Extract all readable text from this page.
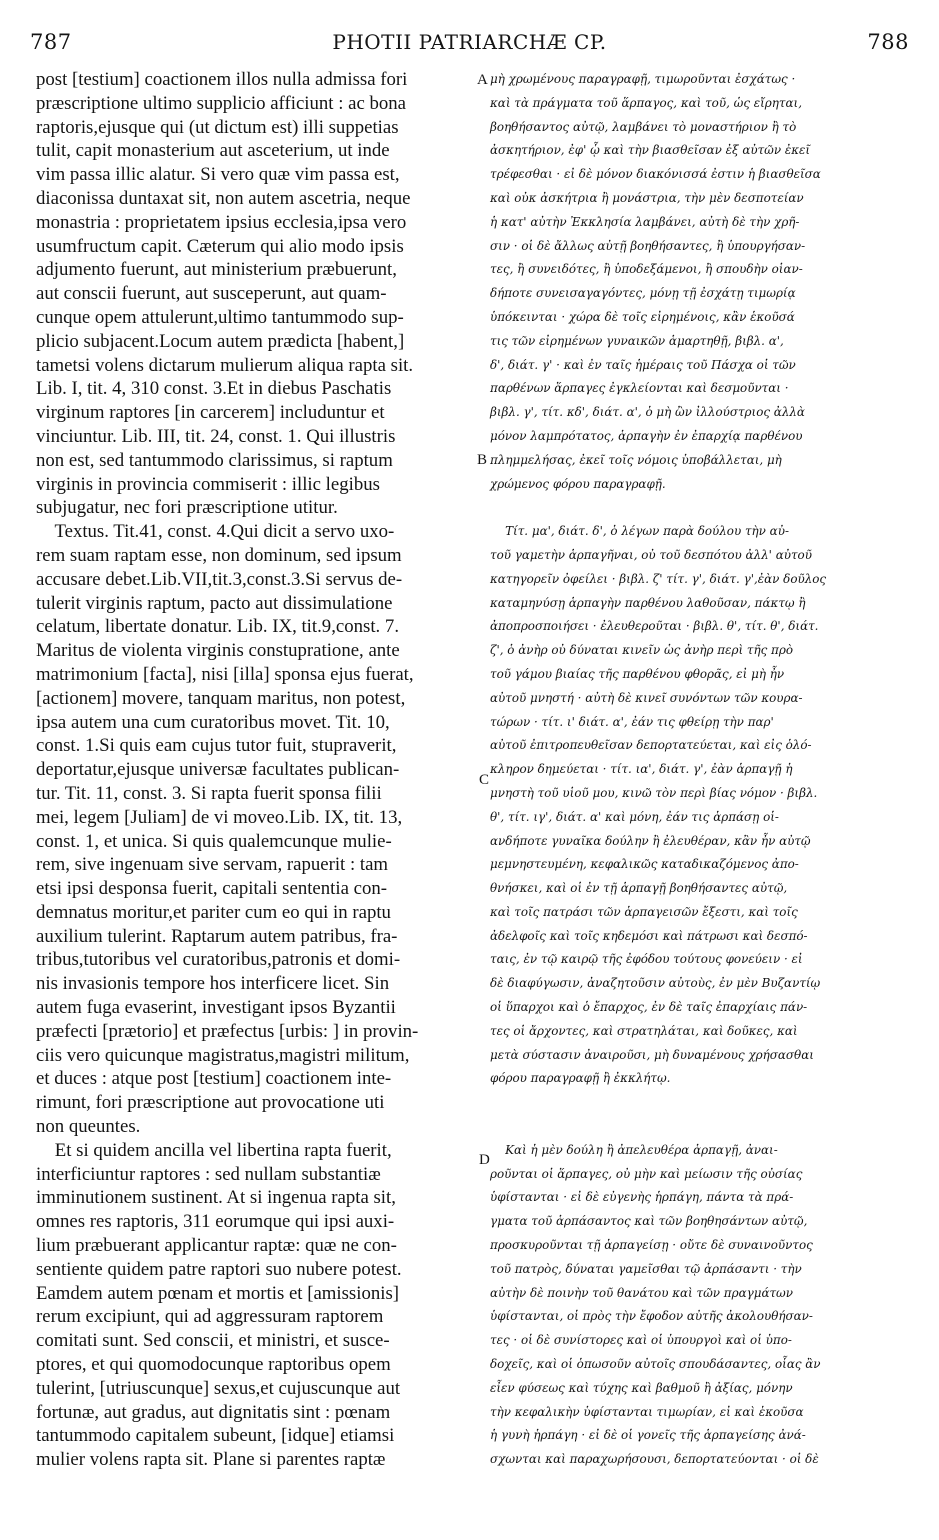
787	PHOTII PATRIARCHÆ CP.	788
post [testium] coactionem illos nulla admissa fori
præscriptione ultimo supplicio afficiunt : ac bona
raptoris,ejusque qui (ut dictum est) illi suppetias
tulit, capit monasterium aut asceterium, ut inde
vim passa illic alatur. Si vero quæ vim passa est,
diaconissa duntaxat sit, non autem ascetria, neque
monastria : proprietatem ipsius ecclesia,ipsa vero
usumfructum capit. Cæterum qui alio modo ipsis
adjumento fuerunt, aut ministerium præbuerunt,
aut conscii fuerunt, aut susceperunt, aut quam-
cunque opem attulerunt,ultimo tantummodo sup-
plicio subjacent.Locum autem prædicta [habent,]
tametsi volens dictarum mulierum aliqua rapta sit.
Lib. I, tit. 4, 310 const. 3.Et in diebus Paschatis
virginum raptores [in carcerem] includuntur et
vinciuntur. Lib. III, tit. 24, const. 1. Qui illustris
non est, sed tantummodo clarissimus, si raptum
virginis in provincia commiserit : illic legibus
subjugatur, nec fori præscriptione utitur.
Textus. Tit.41, const. 4.Qui dicit a servo uxo-
rem suam raptam esse, non dominum, sed ipsum
accusare debet.Lib.VII,tit.3,const.3.Si servus de-
tulerit virginis raptum, pacto aut dissimulatione
celatum, libertate donatur. Lib. IX, tit.9,const. 7.
Maritus de violenta virginis constupratione, ante
matrimonium [facta], nisi [illa] sponsa ejus fuerat,
[actionem] movere, tanquam maritus, non potest,
ipsa autem una cum curatoribus movet. Tit. 10,
const. 1.Si quis eam cujus tutor fuit, stupraverit,
deportatur,ejusque universæ facultates publican-
tur. Tit. 11, const. 3. Si rapta fuerit sponsa filii
mei, legem [Juliam] de vi moveo.Lib. IX, tit. 13,
const. 1, et unica. Si quis qualemcunque mulie-
rem, sive ingenuam sive servam, rapuerit : tam
etsi ipsi desponsa fuerit, capitali sententia con-
demnatus moritur,et pariter cum eo qui in raptu
auxilium tulerint. Raptarum autem patribus, fra-
tribus,tutoribus vel curatoribus,patronis et domi-
nis invasionis tempore hos interficere licet. Sin
autem fuga evaserint, investigant ipsos Byzantii
præfecti [prætorio] et præfectus [urbis: ] in provin-
ciis vero quicunque magistratus,magistri militum,
et duces : atque post [testium] coactionem inte-
rimunt, fori præscriptione aut provocatione uti
non queuntes.
Et si quidem ancilla vel libertina rapta fuerit,
interficiuntur raptores : sed nullam substantiæ
imminutionem sustinent. At si ingenua rapta sit,
omnes res raptoris, 311 eorumque qui ipsi auxi-
lium præbuerant applicantur raptæ: quæ ne con-
sentiente quidem patre raptori suo nubere potest.
Eamdem autem pœnam et mortis et [amissionis]
rerum excipiunt, qui ad aggressuram raptorem
comitati sunt. Sed conscii, et ministri, et susce-
ptores, et qui quomodocunque raptoribus opem
tulerint, [utriuscunque] sexus,et cujuscunque aut
fortunæ, aut gradus, aut dignitatis sint : pœnam
tantummodo capitalem subeunt, [idque] etiamsi
mulier volens rapta sit. Plane si parentes raptæ
μὴ χρωμένους παραγραφῇ, τιμωροῦνται ἐσχάτως ·
καὶ τὰ πράγματα τοῦ ἅρπαγος, καὶ τοῦ, ὡς εἴρηται,
βοηθήσαντος αὐτῷ, λαμβάνει τὸ μοναστήριον ἢ τὸ
ἀσκητήριον, ἐφ' ᾧ καὶ τὴν βιασθεῖσαν ἐξ αὐτῶν ἐκεῖ
τρέφεσθαι · εἰ δὲ μόνον διακόνισσά ἐστιν ἡ βιασθεῖσα
καὶ οὐκ ἀσκήτρια ἢ μονάστρια, τὴν μὲν δεσποτείαν
ἡ κατ' αὐτὴν Ἐκκλησία λαμβάνει, αὐτὴ δὲ τὴν χρῆ-
σιν · οἱ δὲ ἄλλως αὐτῇ βοηθήσαντες, ἢ ὑπουργήσαν-
τες, ἢ συνειδότες, ἢ ὑποδεξάμενοι, ἢ σπουδὴν οἱαν-
δήποτε συνεισαγαγόντες, μόνῃ τῇ ἐσχάτῃ τιμωρίᾳ
ὑπόκεινται · χώρα δὲ τοῖς εἰρημένοις, κἂν ἑκοῦσά
τις τῶν εἰρημένων γυναικῶν ἁμαρτηθῇ, βιβλ. α',
δ', διάτ. γ' · καὶ ἐν ταῖς ἡμέραις τοῦ Πάσχα οἱ τῶν
παρθένων ἅρπαγες ἐγκλείονται καὶ δεσμοῦνται ·
βιβλ. γ', τίτ. κδ', διάτ. α', ὁ μὴ ὢν ἰλλούστριος ἀλλὰ
μόνον λαμπρότατος, ἁρπαγὴν ἐν ἐπαρχίᾳ παρθένου
πλημμελήσας, ἐκεῖ τοῖς νόμοις ὑποβάλλεται, μὴ
χρώμενος φόρου παραγραφῇ.

Τίτ. μα', διάτ. δ', ὁ λέγων παρὰ δούλου τὴν αὐ-
τοῦ γαμετὴν ἁρπαγῆναι, οὐ τοῦ δεσπότου ἀλλ' αὐτοῦ
κατηγορεῖν ὀφείλει · βιβλ. ζ' τίτ. γ', διάτ. γ',ἐὰν δοῦλος
καταμηνύσῃ ἁρπαγὴν παρθένου λαθοῦσαν, πάκτῳ ἢ
ἀποπροσποιήσει · ἐλευθεροῦται · βιβλ. θ', τίτ. θ', διάτ.
ζ', ὁ ἀνὴρ οὐ δύναται κινεῖν ὡς ἀνὴρ περὶ τῆς πρὸ
τοῦ γάμου βιαίας τῆς παρθένου φθορᾶς, εἰ μὴ ἦν
αὐτοῦ μνηστή · αὐτὴ δὲ κινεῖ συνόντων τῶν κουρα-
τώρων · τίτ. ι' διάτ. α', ἐάν τις φθείρῃ τὴν παρ'
αὐτοῦ ἐπιτροπευθεῖσαν δεπορτατεύεται, καὶ εἰς ὁλό-
κληρον δημεύεται · τίτ. ια', διάτ. γ', ἐὰν ἁρπαγῇ ἡ
μνηστὴ τοῦ υἱοῦ μου, κινῶ τὸν περὶ βίας νόμον · βιβλ.
θ', τίτ. ιγ', διάτ. α' καὶ μόνη, ἐάν τις ἁρπάσῃ οἱ-
ανδήποτε γυναῖκα δούλην ἢ ἐλευθέραν, κἂν ἦν αὐτῷ
μεμνηστευμένη, κεφαλικῶς καταδικαζόμενος ἀπο-
θνήσκει, καὶ οἱ ἐν τῇ ἁρπαγῇ βοηθήσαντες αὐτῷ,
καὶ τοῖς πατράσι τῶν ἁρπαγεισῶν ἔξεστι, καὶ τοῖς
ἀδελφοῖς καὶ τοῖς κηδεμόσι καὶ πάτρωσι καὶ δεσπό-
ταις, ἐν τῷ καιρῷ τῆς ἐφόδου τούτους φονεύειν · εἰ
δὲ διαφύγωσιν, ἀναζητοῦσιν αὐτοὺς, ἐν μὲν Βυζαντίῳ
οἱ ὕπαρχοι καὶ ὁ ἔπαρχος, ἐν δὲ ταῖς ἐπαρχίαις πάν-
τες οἱ ἄρχοντες, καὶ στρατηλάται, καὶ δοῦκες, καὶ
μετὰ σύστασιν ἀναιροῦσι, μὴ δυναμένους χρήσασθαι
φόρου παραγραφῇ ἢ ἐκκλήτῳ.

Καὶ ἡ μὲν δούλη ἢ ἀπελευθέρα ἁρπαγῇ, ἀναι-
ροῦνται οἱ ἅρπαγες, οὐ μὴν καὶ μείωσιν τῆς οὐσίας
ὑφίστανται · εἰ δὲ εὐγενὴς ἡρπάγη, πάντα τὰ πρά-
γματα τοῦ ἁρπάσαντος καὶ τῶν βοηθησάντων αὐτῷ,
προσκυροῦνται τῇ ἁρπαγείσῃ · οὔτε δὲ συναινοῦντος
τοῦ πατρὸς, δύναται γαμεῖσθαι τῷ ἁρπάσαντι · τὴν
αὐτὴν δὲ ποινὴν τοῦ θανάτου καὶ τῶν πραγμάτων
ὑφίστανται, οἱ πρὸς τὴν ἔφοδον αὐτῆς ἀκολουθήσαν-
τες · οἱ δὲ συνίστορες καὶ οἱ ὑπουργοὶ καὶ οἱ ὑπο-
δοχεῖς, καὶ οἱ ὁπωσοῦν αὐτοῖς σπουδάσαντες, οἷας ἂν
εἶεν φύσεως καὶ τύχης καὶ βαθμοῦ ἢ ἀξίας, μόνην
τὴν κεφαλικὴν ὑφίστανται τιμωρίαν, εἰ καὶ ἑκοῦσα
ἡ γυνὴ ἡρπάγη · εἰ δὲ οἱ γονεῖς τῆς ἁρπαγείσης ἀνά-
σχωνται καὶ παραχωρήσουσι, δεπορτατεύονται · οἱ δὲ
A
B
C
D
